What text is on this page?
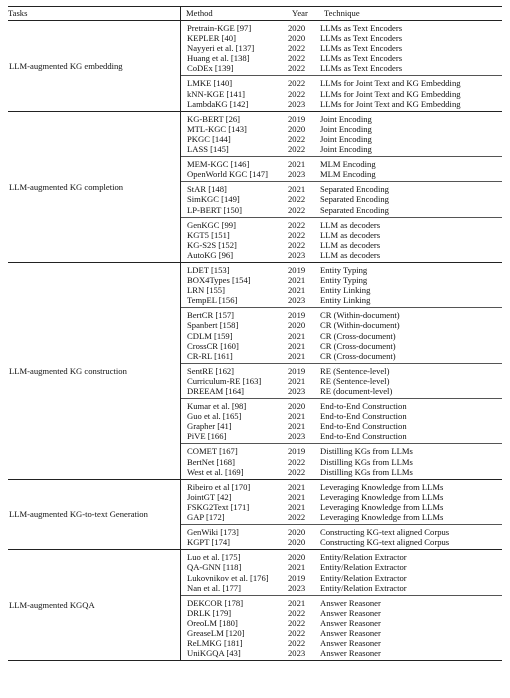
Tasks	Method	Year	Technique
LLM-augmented KG embedding
Pretrain-KGE [97]	2020	LLMs as Text Encoders
KEPLER [40]	2020	LLMs as Text Encoders
Nayyeri et al. [137]	2022	LLMs as Text Encoders
Huang et al. [138]	2022	LLMs as Text Encoders
CoDEx [139]	2022	LLMs as Text Encoders
LMKE [140]	2022	LLMs for Joint Text and KG Embedding
kNN-KGE [141]	2022	LLMs for Joint Text and KG Embedding
LambdaKG [142]	2023	LLMs for Joint Text and KG Embedding
LLM-augmented KG completion
KG-BERT [26]	2019	Joint Encoding
MTL-KGC [143]	2020	Joint Encoding
PKGC [144]	2022	Joint Encoding
LASS [145]	2022	Joint Encoding
MEM-KGC [146]	2021	MLM Encoding
OpenWorld KGC [147]	2023	MLM Encoding
StAR [148]	2021	Separated Encoding
SimKGC [149]	2022	Separated Encoding
LP-BERT [150]	2022	Separated Encoding
GenKGC [99]	2022	LLM as decoders
KGT5 [151]	2022	LLM as decoders
KG-S2S [152]	2022	LLM as decoders
AutoKG [96]	2023	LLM as decoders
LLM-augmented KG construction
LDET [153]	2019	Entity Typing
BOX4Types [154]	2021	Entity Typing
LRN [155]	2021	Entity Linking
TempEL [156]	2023	Entity Linking
BertCR [157]	2019	CR (Within-document)
Spanbert [158]	2020	CR (Within-document)
CDLM [159]	2021	CR (Cross-document)
CrossCR [160]	2021	CR (Cross-document)
CR-RL [161]	2021	CR (Cross-document)
SentRE [162]	2019	RE (Sentence-level)
Curriculum-RE [163]	2021	RE (Sentence-level)
DREEAM [164]	2023	RE (document-level)
Kumar et al. [98]	2020	End-to-End Construction
Guo et al. [165]	2021	End-to-End Construction
Grapher [41]	2021	End-to-End Construction
PiVE [166]	2023	End-to-End Construction
COMET [167]	2019	Distilling KGs from LLMs
BertNet [168]	2022	Distilling KGs from LLMs
West et al. [169]	2022	Distilling KGs from LLMs
LLM-augmented KG-to-text Generation
Ribeiro et al [170]	2021	Leveraging Knowledge from LLMs
JointGT [42]	2021	Leveraging Knowledge from LLMs
FSKG2Text [171]	2021	Leveraging Knowledge from LLMs
GAP [172]	2022	Leveraging Knowledge from LLMs
GenWiki [173]	2020	Constructing KG-text aligned Corpus
KGPT [174]	2020	Constructing KG-text aligned Corpus
LLM-augmented KGQA
Luo et al. [175]	2020	Entity/Relation Extractor
QA-GNN [118]	2021	Entity/Relation Extractor
Lukovnikov et al. [176]	2019	Entity/Relation Extractor
Nan et al. [177]	2023	Entity/Relation Extractor
DEKCOR [178]	2021	Answer Reasoner
DRLK [179]	2022	Answer Reasoner
OreoLM [180]	2022	Answer Reasoner
GreaseLM [120]	2022	Answer Reasoner
ReLMKG [181]	2022	Answer Reasoner
UniKGQA [43]	2023	Answer Reasoner
